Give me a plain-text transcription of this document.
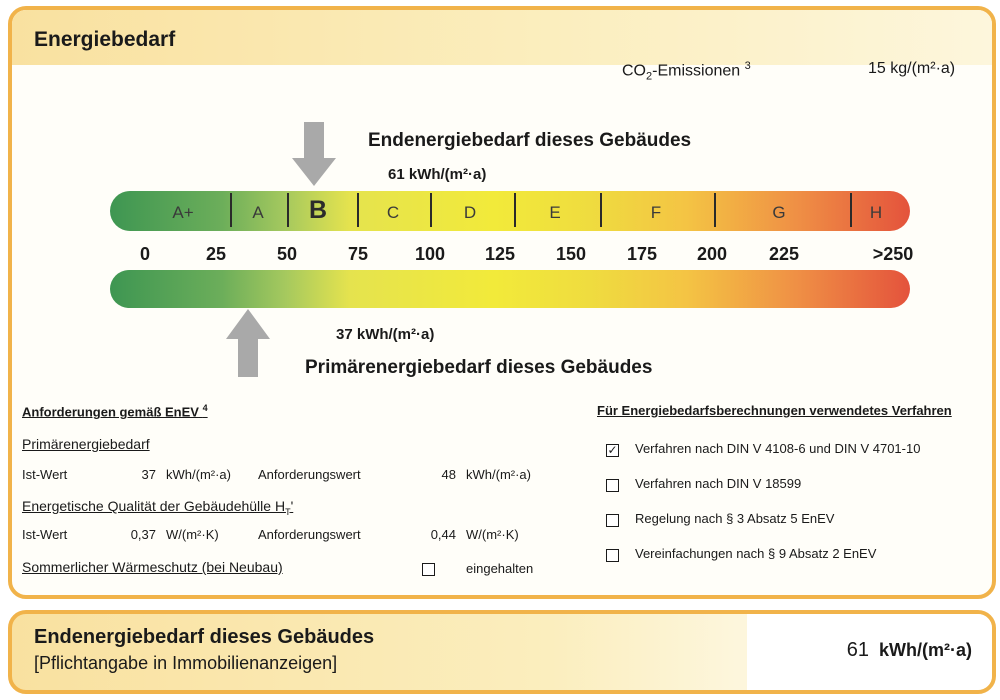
Energiebedarf
$CO_2$-Emissionen $^3$	15 kg/(m²·a)
Endenergiebedarf dieses Gebäudes
61 kWh/(m²·a)
A+	A	B	C	D	E	F	G	H
0	25	50	75	100	125	150	175	200	225	>250
37 kWh/(m²·a)
Primärenergiebedarf dieses Gebäudes
Anforderungen gemäß EnEV $^4$
Primärenergiebedarf
Ist-Wert	37 kWh/(m²·a) Anforderungswert	48 kWh/(m²·a)
Energetische Qualität der Gebäudehülle $H_T'$
Ist-Wert	0,37 W/(m²·K)	Anforderungswert	0,44 W/(m²·K)
Sommerlicher Wärmeschutz (bei Neubau)	eingehalten
Für Energiebedarfsberechnungen verwendetes Verfahren
✓ Verfahren nach DIN V 4108-6 und DIN V 4701-10
Verfahren nach DIN V 18599
Regelung nach § 3 Absatz 5 EnEV
Vereinfachungen nach § 9 Absatz 2 EnEV
Endenergiebedarf dieses Gebäudes
[Pflichtangabe in Immobilienanzeigen]
61 kWh/(m²·a)
